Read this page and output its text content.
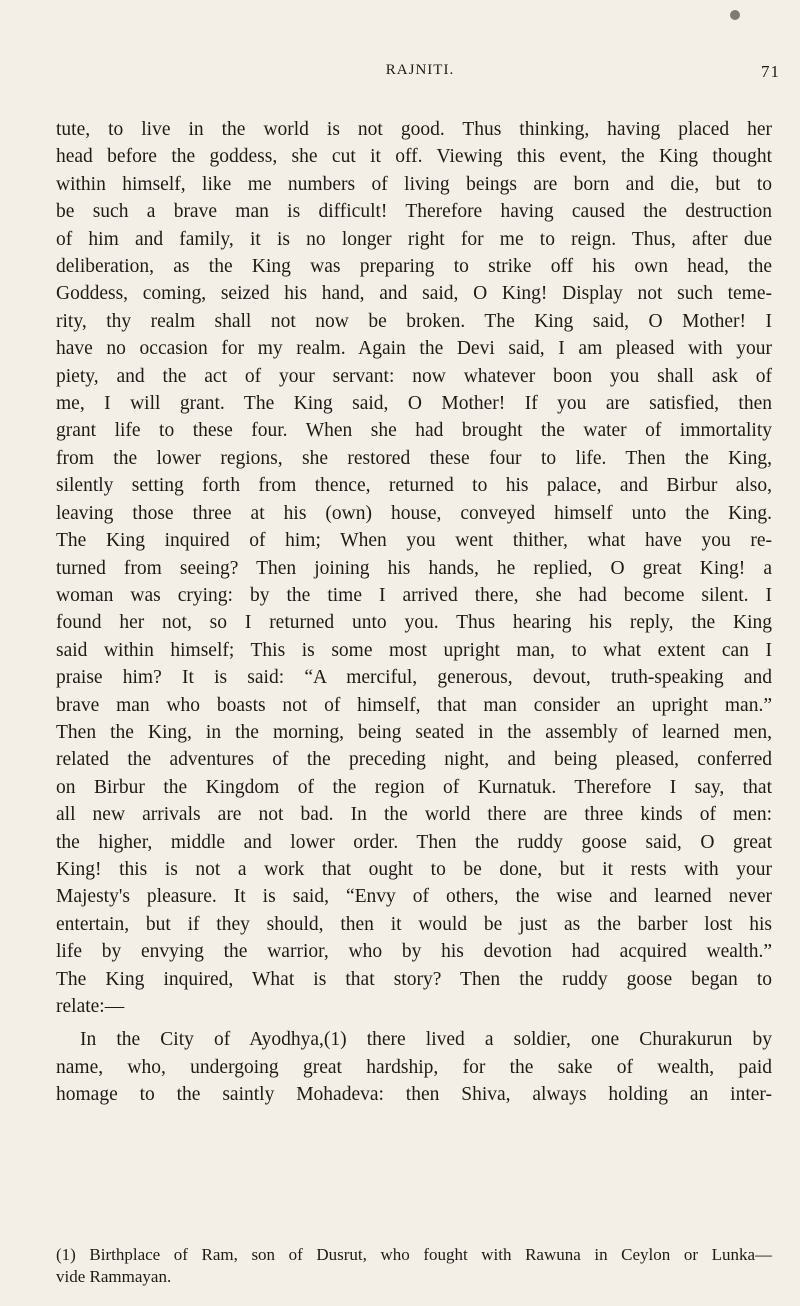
RAJNITI.	71

tute, to live in the world is not good. Thus thinking, having placed her
head before the goddess, she cut it off. Viewing this event, the King thought
within himself, like me numbers of living beings are born and die, but to
be such a brave man is difficult! Therefore having caused the destruction
of him and family, it is no longer right for me to reign. Thus, after due
deliberation, as the King was preparing to strike off his own head, the
Goddess, coming, seized his hand, and said, O King! Display not such teme-
rity, thy realm shall not now be broken. The King said, O Mother! I
have no occasion for my realm. Again the Devi said, I am pleased with your
piety, and the act of your servant: now whatever boon you shall ask of
me, I will grant. The King said, O Mother! If you are satisfied, then
grant life to these four. When she had brought the water of immortality
from the lower regions, she restored these four to life. Then the King,
silently setting forth from thence, returned to his palace, and Birbur also,
leaving those three at his (own) house, conveyed himself unto the King.
The King inquired of him; When you went thither, what have you re-
turned from seeing? Then joining his hands, he replied, O great King! a
woman was crying: by the time I arrived there, she had become silent. I
found her not, so I returned unto you. Thus hearing his reply, the King
said within himself; This is some most upright man, to what extent can I
praise him? It is said: “A merciful, generous, devout, truth-speaking and
brave man who boasts not of himself, that man consider an upright man.”
Then the King, in the morning, being seated in the assembly of learned men,
related the adventures of the preceding night, and being pleased, conferred
on Birbur the Kingdom of the region of Kurnatuk. Therefore I say, that
all new arrivals are not bad. In the world there are three kinds of men:
the higher, middle and lower order. Then the ruddy goose said, O great
King! this is not a work that ought to be done, but it rests with your
Majesty's pleasure. It is said, “Envy of others, the wise and learned never
entertain, but if they should, then it would be just as the barber lost his
life by envying the warrior, who by his devotion had acquired wealth.”
The King inquired, What is that story? Then the ruddy goose began to
relate:—

In the City of Ayodhya,(1) there lived a soldier, one Churakurun by
name, who, undergoing great hardship, for the sake of wealth, paid
homage to the saintly Mohadeva: then Shiva, always holding an inter-

(1) Birthplace of Ram, son of Dusrut, who fought with Rawuna in Ceylon or Lunka—
vide Rammayan.
